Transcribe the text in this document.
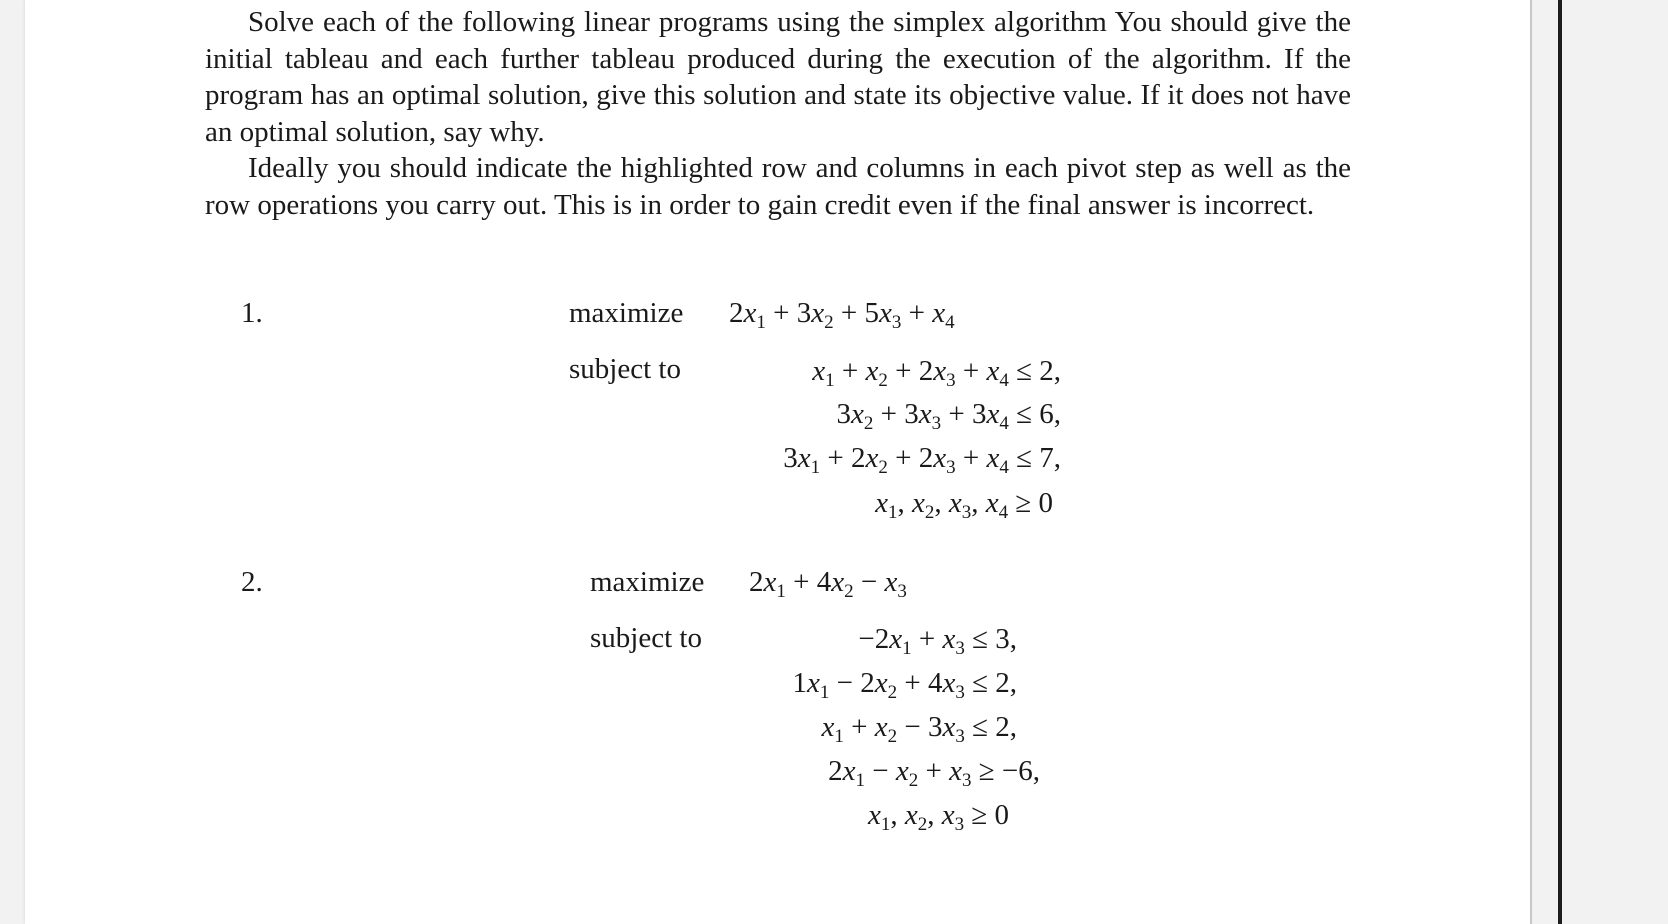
Solve each of the following linear programs using the simplex algorithm You should give the initial tableau and each further tableau produced during the execution of the algorithm. If the program has an optimal solution, give this solution and state its objective value. If it does not have an optimal solution, say why.

Ideally you should indicate the highlighted row and columns in each pivot step as well as the row operations you carry out. This is in order to gain credit even if the final answer is incorrect.

1.	maximize
subject to
$2x_1 + 3x_2 + 5x_3 + x_4$
$x_1 + x_2 + 2x_3 + x_4 \le 2$,
$3x_2 + 3x_3 + 3x_4 \le 6$,
$3x_1 + 2x_2 + 2x_3 + x_4 \le 7$,
$x_1$, $x_2$, $x_3$, $x_4 \ge 0$
2.	maximize
subject to
$2x_1 + 4x_2 - x_3$
$-2x_1 + x_3 \le 3$,
$1x_1 - 2x_2 + 4x_3 \le 2$,
$x_1 + x_2 - 3x_3 \le 2$,
$2x_1 - x_2 + x_3 \ge -6$,
$x_1$, $x_2$, $x_3 \ge 0$
